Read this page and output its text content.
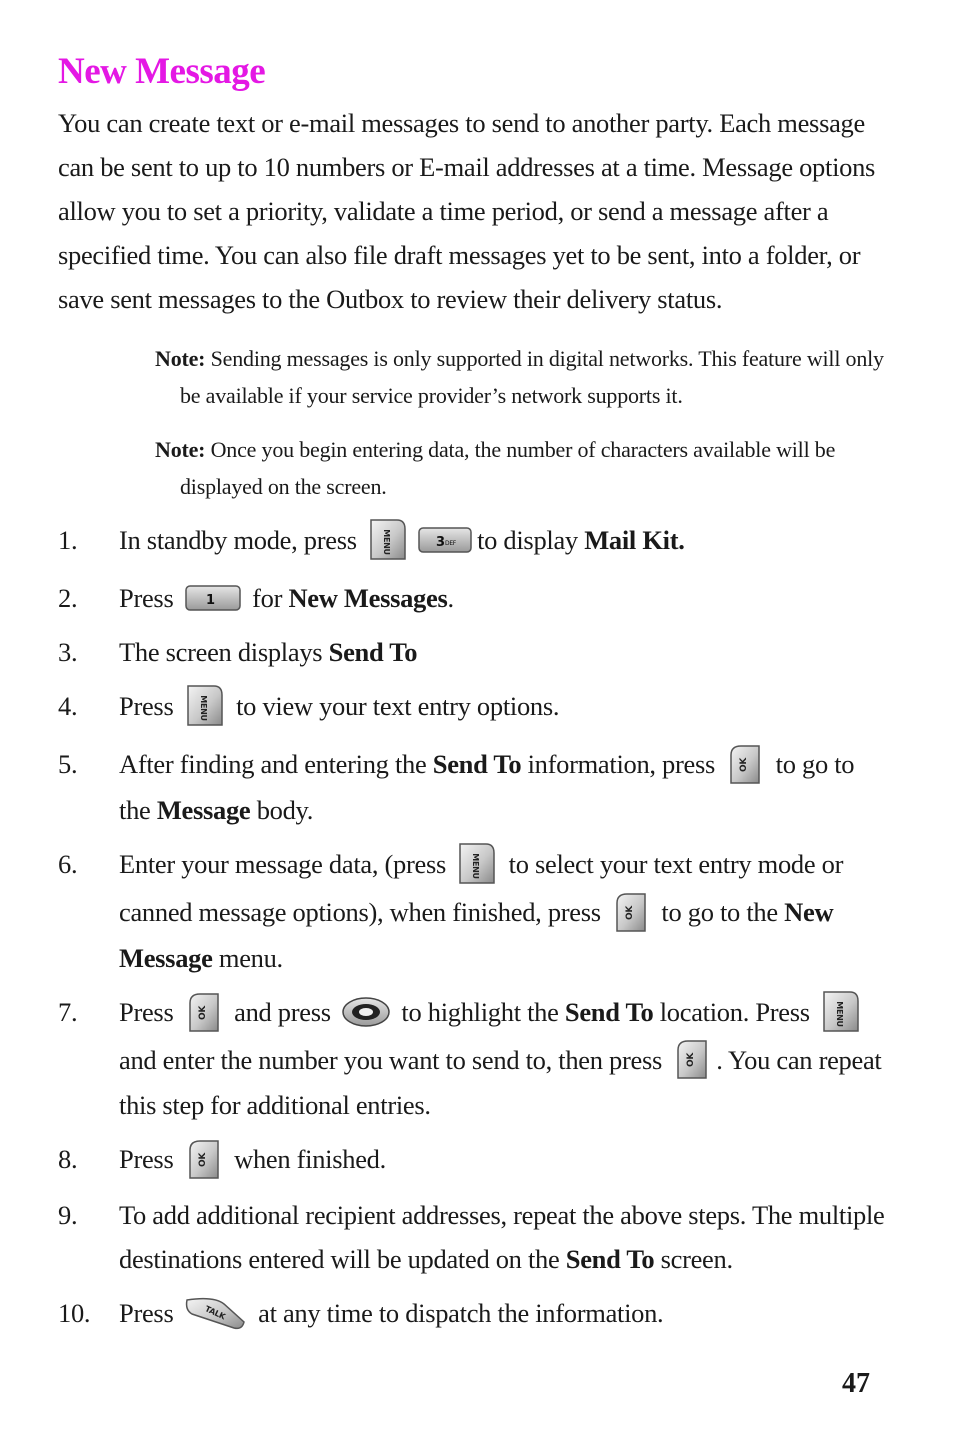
New Message

You can create text or e-mail messages to send to another party. Each message can be sent to up to 10 numbers or E-mail addresses at a time. Message options allow you to set a priority, validate a time period, or send a message after a specified time. You can also file draft messages yet to be sent, into a folder, or save sent messages to the Outbox to review their delivery status.

Note: Sending messages is only supported in digital networks. This feature will only be available if your service provider’s network supports it.

Note: Once you begin entering data, the number of characters available will be displayed on the screen.

1. In standby mode, press MENU	3 DEF to display Mail Kit.
2. Press 1 for New Messages.
3. The screen displays Send To
4. Press MENU to view your text entry options.
5. After finding and entering the Send To information, press OK to go to the Message body.
6. Enter your message data, (press MENU to select your text entry mode or canned message options), when finished, press OK to go to the New Message menu.
7. Press OK and press
to highlight the Send To location. Press MENU
and enter the number you want to send to, then press OK . You can repeat this step for additional entries.
8. Press OK when finished.
9. To add additional recipient addresses, repeat the above steps. The multiple destinations entered will be updated on the Send To screen.
10. Press	TALK at any time to dispatch the information.
47
